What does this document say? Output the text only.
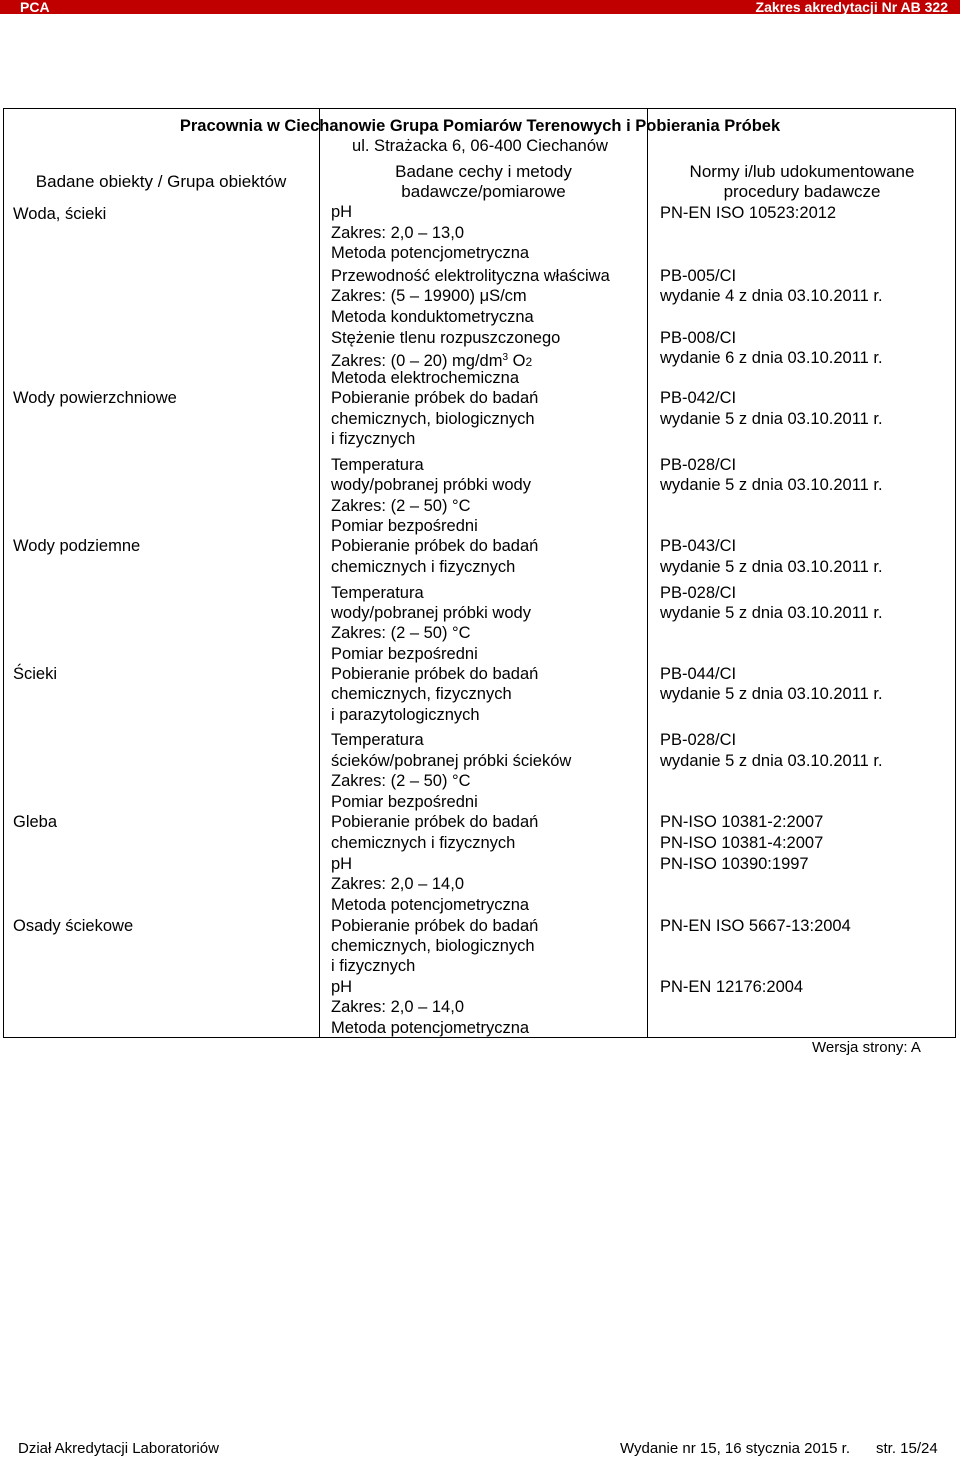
PCA	Zakres akredytacji Nr AB 322
Pracownia w Ciechanowie Grupa Pomiarów Terenowych i Pobierania Próbek
ul. Strażacka 6, 06-400 Ciechanów
Badane obiekty / Grupa obiektów
Badane cechy i metody
badawcze/pomiarowe
Normy i/lub udokumentowane
procedury badawcze
Woda, ścieki
Wody powierzchniowe
Wody podziemne
Ścieki
Gleba
Osady ściekowe
pH
Zakres: 2,0 – 13,0
Metoda potencjometryczna
PN-EN ISO 10523:2012
Przewodność elektrolityczna właściwa
Zakres: (5 – 19900) μS/cm
Metoda konduktometryczna
PB-005/CI
wydanie 4 z dnia 03.10.2011 r.
Stężenie tlenu rozpuszczonego
Zakres: (0 – 20) $mg/dm^3$ O2
Metoda elektrochemiczna
PB-008/CI
wydanie 6 z dnia 03.10.2011 r.
Pobieranie próbek do badań
chemicznych, biologicznych
i fizycznych
PB-042/CI
wydanie 5 z dnia 03.10.2011 r.
Temperatura
wody/pobranej próbki wody
Zakres: (2 – 50) °C
Pomiar bezpośredni
PB-028/CI
wydanie 5 z dnia 03.10.2011 r.
Pobieranie próbek do badań
chemicznych i fizycznych
PB-043/CI
wydanie 5 z dnia 03.10.2011 r.
Temperatura
wody/pobranej próbki wody
Zakres: (2 – 50) °C
Pomiar bezpośredni
PB-028/CI
wydanie 5 z dnia 03.10.2011 r.
Pobieranie próbek do badań
chemicznych, fizycznych
i parazytologicznych
PB-044/CI
wydanie 5 z dnia 03.10.2011 r.
Temperatura
ścieków/pobranej próbki ścieków
Zakres: (2 – 50) °C
Pomiar bezpośredni
PB-028/CI
wydanie 5 z dnia 03.10.2011 r.
Pobieranie próbek do badań
chemicznych i fizycznych
PN-ISO 10381-2:2007
PN-ISO 10381-4:2007
pH
Zakres: 2,0 – 14,0
Metoda potencjometryczna
PN-ISO 10390:1997
Pobieranie próbek do badań
chemicznych, biologicznych
i fizycznych
PN-EN ISO 5667-13:2004
pH
Zakres: 2,0 – 14,0
Metoda potencjometryczna
PN-EN 12176:2004
Wersja strony: A
Dział Akredytacji Laboratoriów	Wydanie nr 15, 16 stycznia 2015 r. str. 15/24
